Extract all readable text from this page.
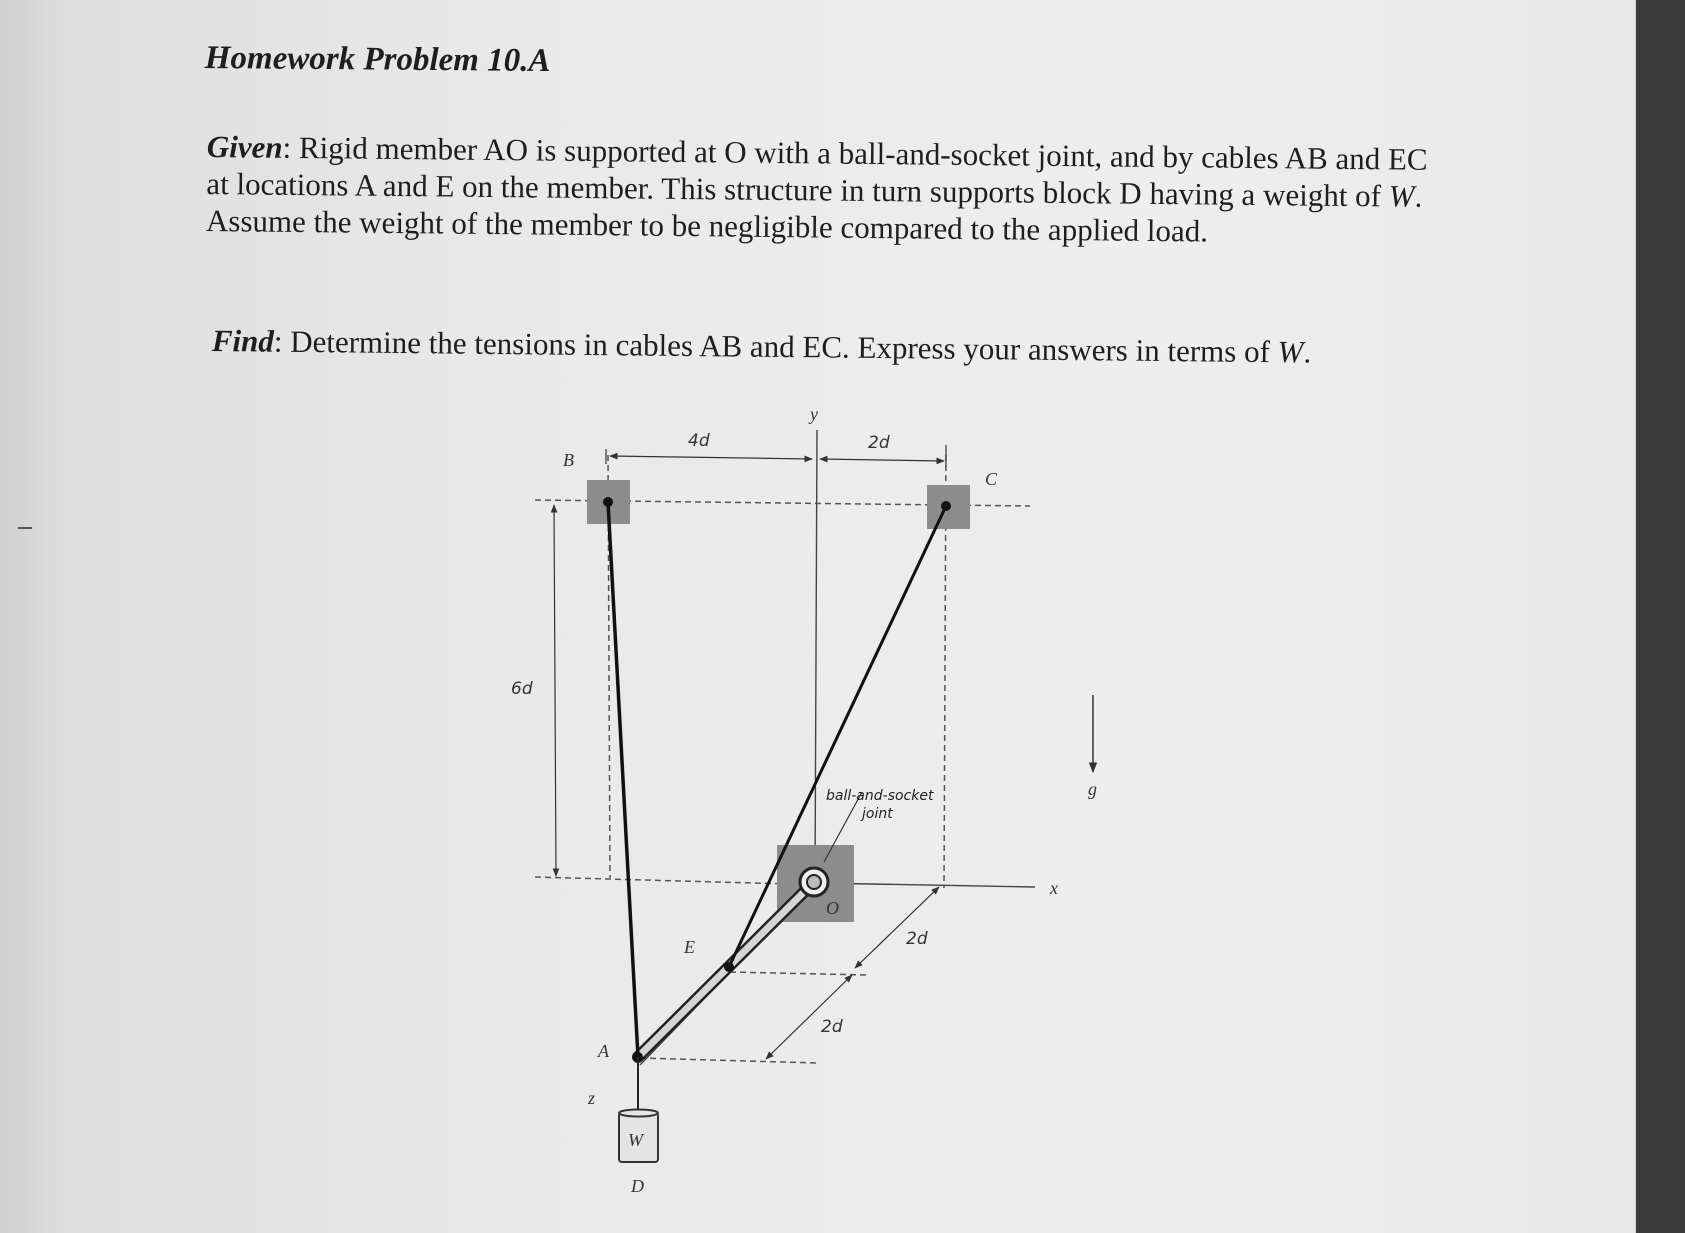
Homework Problem 10.A
Given: Rigid member AO is supported at O with a ball-and-socket joint, and by cables AB and EC at locations A and E on the member. This structure in turn supports block D having a weight of W. Assume the weight of the member to be negligible compared to the applied load.
Find: Determine the tensions in cables AB and EC. Express your answers in terms of W.
B
C
A
E
O
D
W
y
x
z
g
4d	2d
6d
2d
2d
ball-and-socket
joint
